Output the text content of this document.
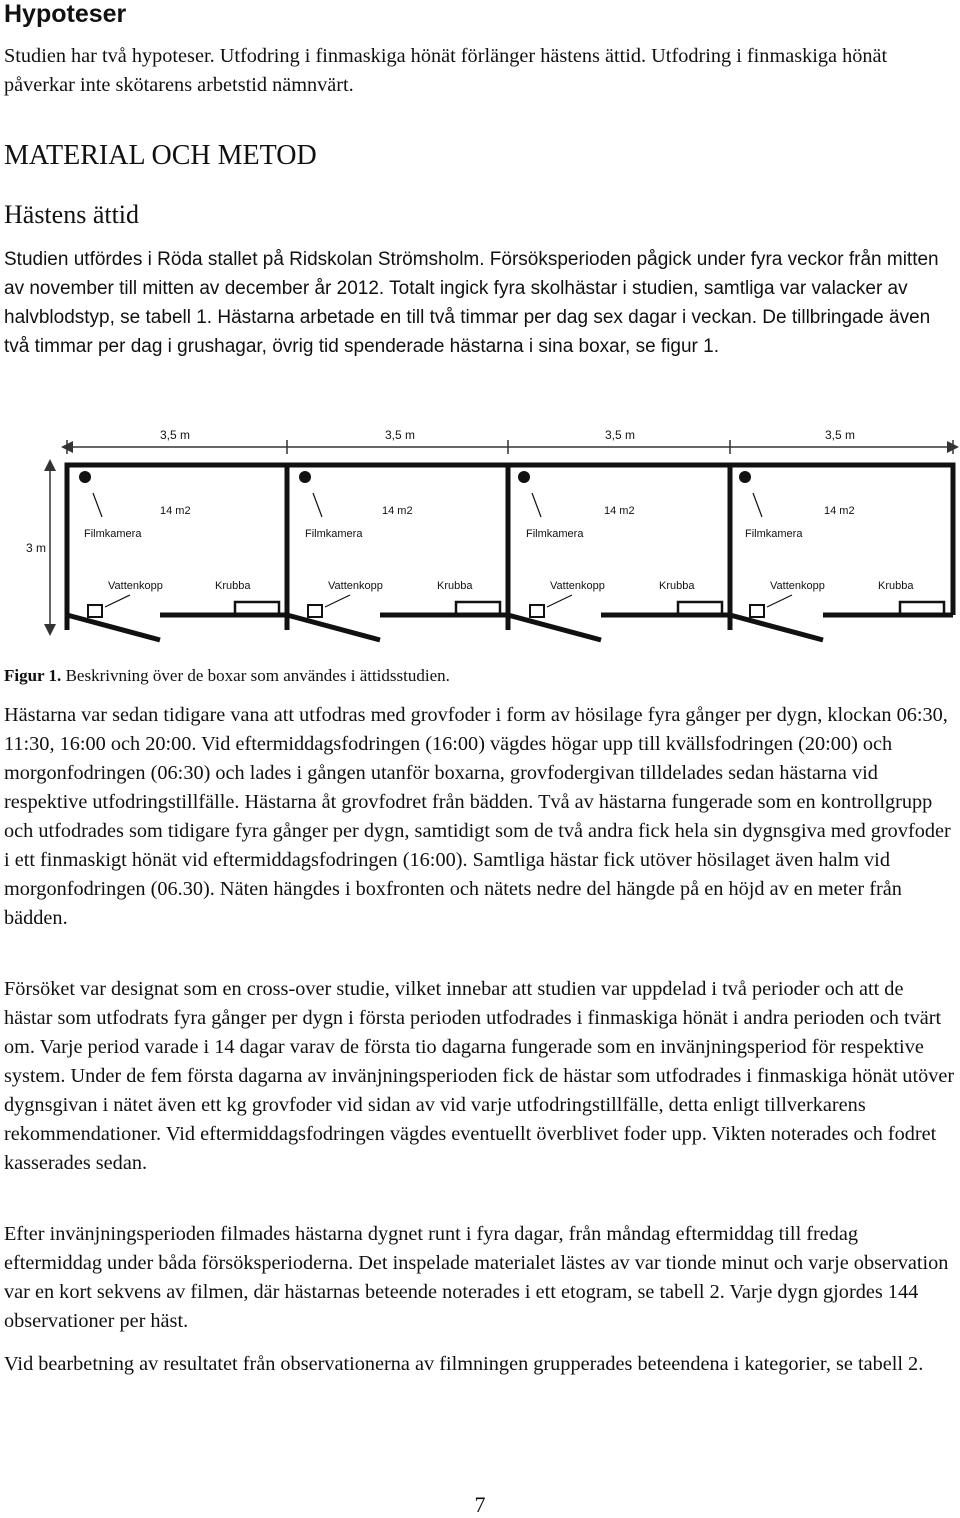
Hypoteser

Studien har två hypoteser. Utfodring i finmaskiga hönät förlänger hästens ättid. Utfodring i finmaskiga hönät påverkar inte skötarens arbetstid nämnvärt.

MATERIAL OCH METOD
Hästens ättid

Studien utfördes i Röda stallet på Ridskolan Strömsholm. Försöksperioden pågick under fyra veckor från mitten av november till mitten av december år 2012. Totalt ingick fyra skolhästar i studien, samtliga var valacker av halvblodstyp, se tabell 1. Hästarna arbetade en till två timmar per dag sex dagar i veckan. De tillbringade även två timmar per dag i grushagar, övrig tid spenderade hästarna i sina boxar, se figur 1.

3,5 m	3,5 m	3,5 m	3,5 m
3 m
Filmkamera
14 m2
Vattenkopp	Krubba
Filmkamera
14 m2
Vattenkopp	Krubba
Filmkamera
14 m2
Vattenkopp	Krubba
Filmkamera
14 m2
Vattenkopp	Krubba

Figur 1. Beskrivning över de boxar som användes i ättidsstudien.

Hästarna var sedan tidigare vana att utfodras med grovfoder i form av hösilage fyra gånger per dygn, klockan 06:30, 11:30, 16:00 och 20:00. Vid eftermiddagsfodringen (16:00) vägdes högar upp till kvällsfodringen (20:00) och morgonfodringen (06:30) och lades i gången utanför boxarna, grovfodergivan tilldelades sedan hästarna vid respektive utfodringstillfälle. Hästarna åt grovfodret från bädden. Två av hästarna fungerade som en kontrollgrupp och utfodrades som tidigare fyra gånger per dygn, samtidigt som de två andra fick hela sin dygnsgiva med grovfoder i ett finmaskigt hönät vid eftermiddagsfodringen (16:00). Samtliga hästar fick utöver hösilaget även halm vid morgonfodringen (06.30). Näten hängdes i boxfronten och nätets nedre del hängde på en höjd av en meter från bädden.

Försöket var designat som en cross-over studie, vilket innebar att studien var uppdelad i två perioder och att de hästar som utfodrats fyra gånger per dygn i första perioden utfodrades i finmaskiga hönät i andra perioden och tvärt om. Varje period varade i 14 dagar varav de första tio dagarna fungerade som en invänjningsperiod för respektive system. Under de fem första dagarna av invänjningsperioden fick de hästar som utfodrades i finmaskiga hönät utöver dygnsgivan i nätet även ett kg grovfoder vid sidan av vid varje utfodringstillfälle, detta enligt tillverkarens rekommendationer. Vid eftermiddagsfodringen vägdes eventuellt överblivet foder upp. Vikten noterades och fodret kasserades sedan.

Efter invänjningsperioden filmades hästarna dygnet runt i fyra dagar, från måndag eftermiddag till fredag eftermiddag under båda försöksperioderna. Det inspelade materialet lästes av var tionde minut och varje observation var en kort sekvens av filmen, där hästarnas beteende noterades i ett etogram, se tabell 2. Varje dygn gjordes 144 observationer per häst.

Vid bearbetning av resultatet från observationerna av filmningen grupperades beteendena i kategorier, se tabell 2.

7
